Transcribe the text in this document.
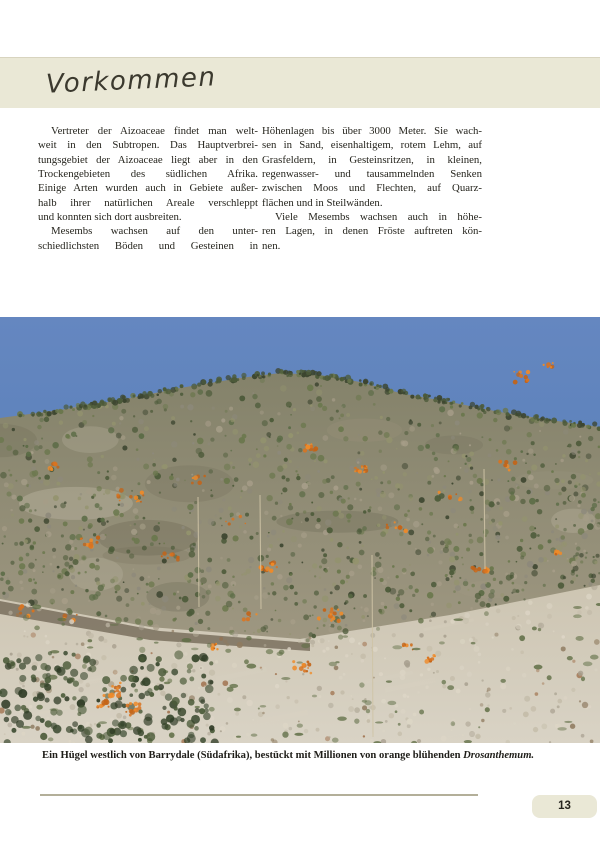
Vorkommen
Vertreter der Aizoaceae findet man welt-
weit in den Subtropen. Das Hauptverbrei-
tungsgebiet der Aizoaceae liegt aber in den
Trockengebieten des südlichen Afrika.
Einige Arten wurden auch in Gebiete außer-
halb ihrer natürlichen Areale verschleppt
und konnten sich dort ausbreiten.
Mesembs wachsen auf den unter-
schiedlichsten Böden und Gesteinen in
Höhenlagen bis über 3000 Meter. Sie wach-
sen in Sand, eisenhaltigem, rotem Lehm, auf
Grasfeldern, in Gesteinsritzen, in kleinen,
regenwasser- und tausammelnden Senken
zwischen Moos und Flechten, auf Quarz-
flächen und in Steilwänden.
Viele Mesembs wachsen auch in höhe-
ren Lagen, in denen Fröste auftreten kön-
nen.
Ein Hügel westlich von Barrydale (Südafrika), bestückt mit Millionen von orange blühenden Drosanthemum.
13
